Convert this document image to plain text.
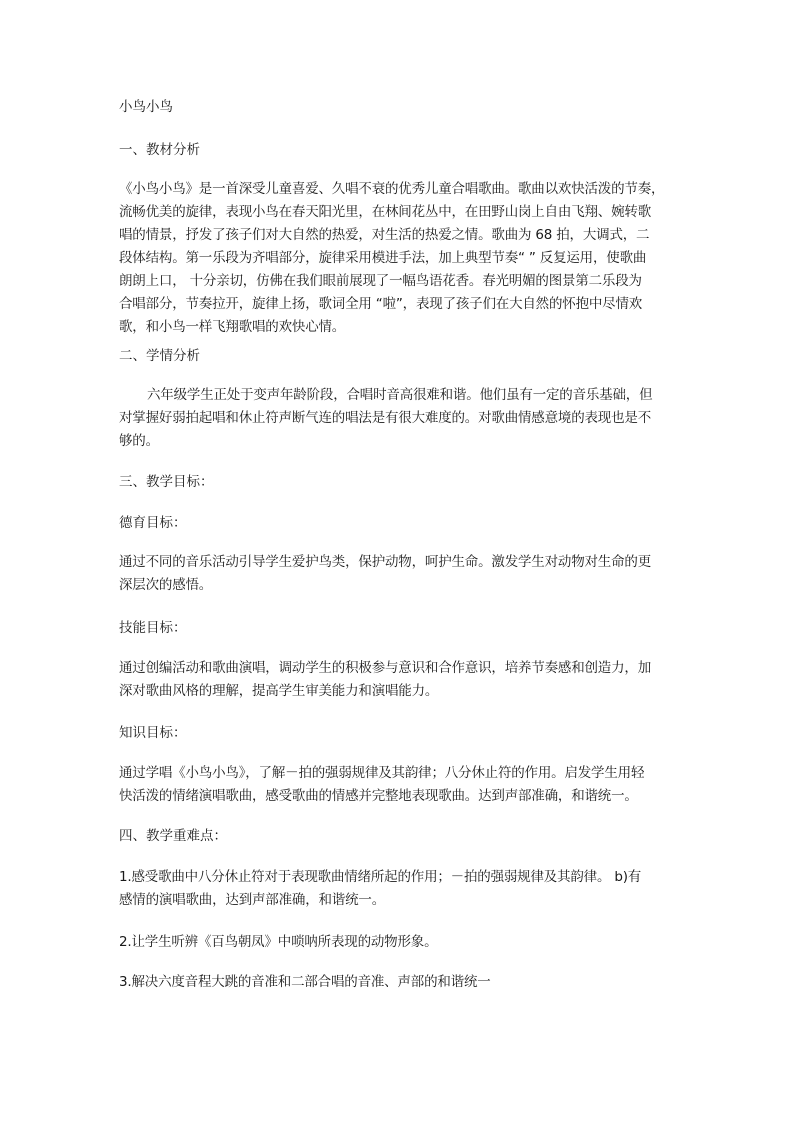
小鸟小鸟
一、教材分析
《小鸟小鸟》是一首深受儿童喜爱、久唱不衰的优秀儿童合唱歌曲。歌曲以欢快活泼的节奏，
流畅优美的旋律，表现小鸟在春天阳光里，在林间花丛中，在田野山岗上自由飞翔、婉转歌
唱的情景，抒发了孩子们对大自然的热爱，对生活的热爱之情。歌曲为 68 拍，大调式，二
段体结构。第一乐段为齐唱部分，旋律采用模进手法，加上典型节奏“ ” 反复运用，使歌曲
朗朗上口， 十分亲切，仿佛在我们眼前展现了一幅鸟语花香。春光明媚的图景第二乐段为
合唱部分，节奏拉开，旋律上扬，歌词全用 “啦”，表现了孩子们在大自然的怀抱中尽情欢
歌，和小鸟一样飞翔歌唱的欢快心情。
二、学情分析
六年级学生正处于变声年龄阶段，合唱时音高很难和谐。他们虽有一定的音乐基础，但
对掌握好弱拍起唱和休止符声断气连的唱法是有很大难度的。对歌曲情感意境的表现也是不
够的。
三、教学目标：
德育目标：
通过不同的音乐活动引导学生爱护鸟类，保护动物，呵护生命。激发学生对动物对生命的更
深层次的感悟。
技能目标：
通过创编活动和歌曲演唱，调动学生的积极参与意识和合作意识，培养节奏感和创造力，加
深对歌曲风格的理解，提高学生审美能力和演唱能力。
知识目标：
通过学唱《小鸟小鸟》，了解－拍的强弱规律及其韵律；八分休止符的作用。启发学生用轻
快活泼的情绪演唱歌曲，感受歌曲的情感并完整地表现歌曲。达到声部准确，和谐统一。
四、教学重难点：
1.感受歌曲中八分休止符对于表现歌曲情绪所起的作用；－拍的强弱规律及其韵律。 b)有
感情的演唱歌曲，达到声部准确，和谐统一。
2.让学生听辨《百鸟朝凤》中唢呐所表现的动物形象。
3.解决六度音程大跳的音准和二部合唱的音准、声部的和谐统一
